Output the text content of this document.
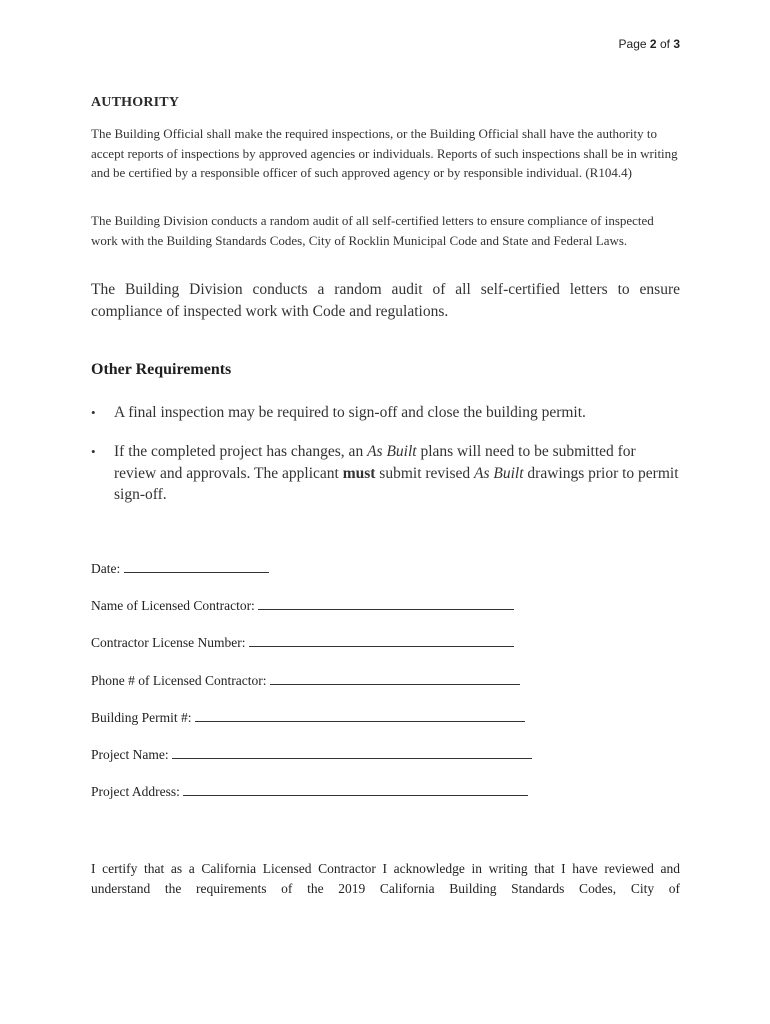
Page 2 of 3
AUTHORITY

The Building Official shall make the required inspections, or the Building Official shall have the authority to accept reports of inspections by approved agencies or individuals. Reports of such inspections shall be in writing and be certified by a responsible officer of such approved agency or by responsible individual. (R104.4)

The Building Division conducts a random audit of all self-certified letters to ensure compliance of inspected work with the Building Standards Codes, City of Rocklin Municipal Code and State and Federal Laws.

The Building Division conducts a random audit of all self-certified letters to ensure compliance of inspected work with Code and regulations.

Other Requirements
• A final inspection may be required to sign-off and close the building permit.
• If the completed project has changes, an As Built plans will need to be submitted for review and approvals. The applicant must submit revised As Built drawings prior to permit sign-off.
Date:
Name of Licensed Contractor:
Contractor License Number:
Phone # of Licensed Contractor:
Building Permit #:
Project Name:
Project Address:

I certify that as a California Licensed Contractor I acknowledge in writing that I have reviewed and understand the requirements of the 2019 California Building Standards Codes, City of
